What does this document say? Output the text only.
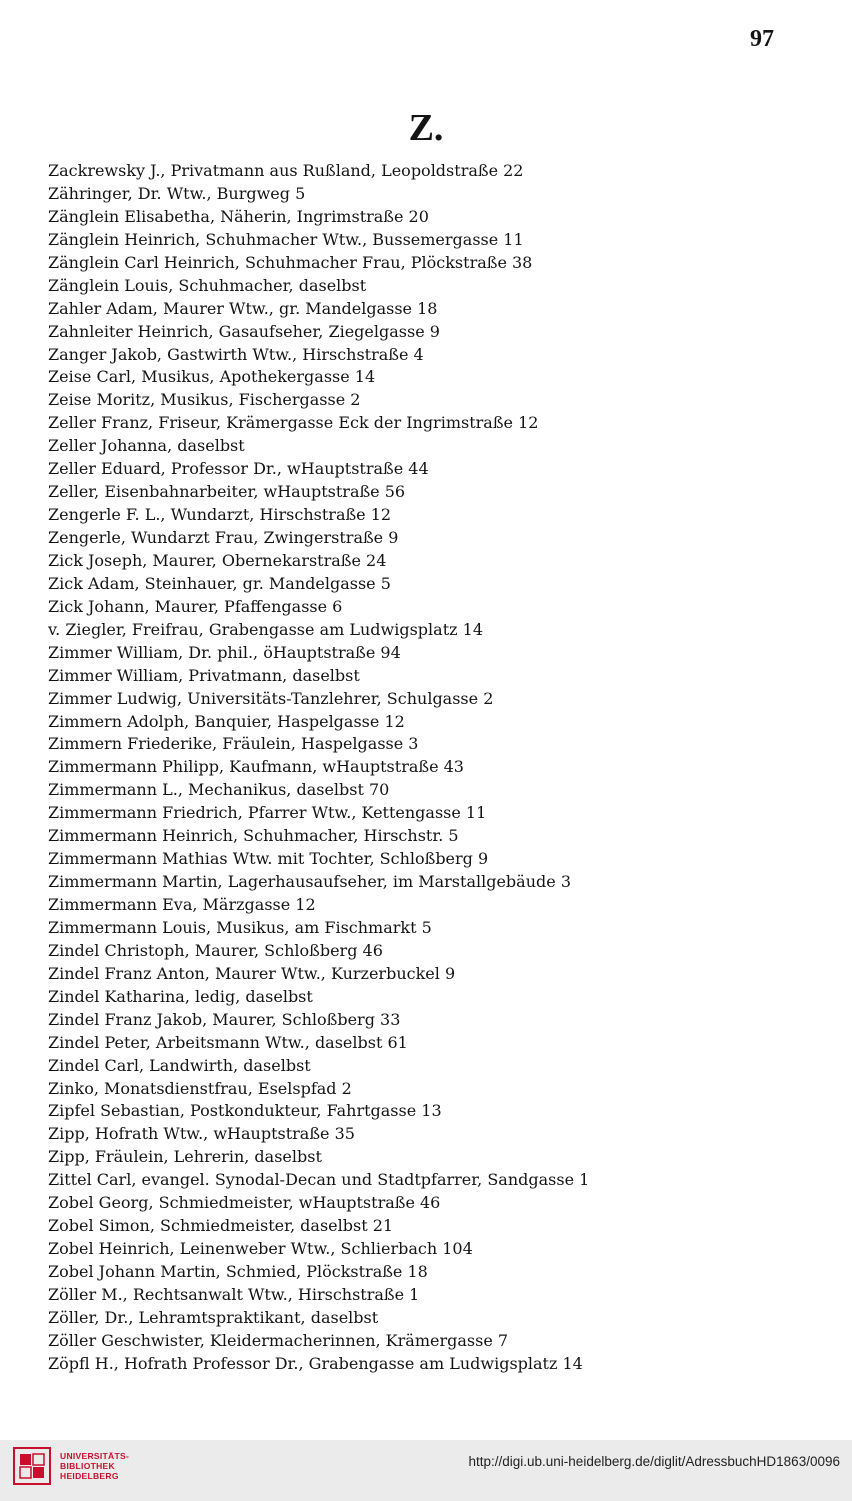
97
Z.
Zackrewsky J., Privatmann aus Rußland, Leopoldstraße 22
Zähringer, Dr. Wtw., Burgweg 5
Zänglein Elisabetha, Näherin, Ingrimstraße 20
Zänglein Heinrich, Schuhmacher Wtw., Bussemergasse 11
Zänglein Carl Heinrich, Schuhmacher Frau, Plöckstraße 38
Zänglein Louis, Schuhmacher, daselbst
Zahler Adam, Maurer Wtw., gr. Mandelgasse 18
Zahnleiter Heinrich, Gasaufseher, Ziegelgasse 9
Zanger Jakob, Gastwirth Wtw., Hirschstraße 4
Zeise Carl, Musikus, Apothekergasse 14
Zeise Moritz, Musikus, Fischergasse 2
Zeller Franz, Friseur, Krämergasse Eck der Ingrimstraße 12
Zeller Johanna, daselbst
Zeller Eduard, Professor Dr., wHauptstraße 44
Zeller, Eisenbahnarbeiter, wHauptstraße 56
Zengerle F. L., Wundarzt, Hirschstraße 12
Zengerle, Wundarzt Frau, Zwingerstraße 9
Zick Joseph, Maurer, Obernekarstraße 24
Zick Adam, Steinhauer, gr. Mandelgasse 5
Zick Johann, Maurer, Pfaffengasse 6
v. Ziegler, Freifrau, Grabengasse am Ludwigsplatz 14
Zimmer William, Dr. phil., öHauptstraße 94
Zimmer William, Privatmann, daselbst
Zimmer Ludwig, Universitäts-Tanzlehrer, Schulgasse 2
Zimmern Adolph, Banquier, Haspelgasse 12
Zimmern Friederike, Fräulein, Haspelgasse 3
Zimmermann Philipp, Kaufmann, wHauptstraße 43
Zimmermann L., Mechanikus, daselbst 70
Zimmermann Friedrich, Pfarrer Wtw., Kettengasse 11
Zimmermann Heinrich, Schuhmacher, Hirschstr. 5
Zimmermann Mathias Wtw. mit Tochter, Schloßberg 9
Zimmermann Martin, Lagerhausaufseher, im Marstallgebäude 3
Zimmermann Eva, Märzgasse 12
Zimmermann Louis, Musikus, am Fischmarkt 5
Zindel Christoph, Maurer, Schloßberg 46
Zindel Franz Anton, Maurer Wtw., Kurzerbuckel 9
Zindel Katharina, ledig, daselbst
Zindel Franz Jakob, Maurer, Schloßberg 33
Zindel Peter, Arbeitsmann Wtw., daselbst 61
Zindel Carl, Landwirth, daselbst
Zinko, Monatsdienstfrau, Eselspfad 2
Zipfel Sebastian, Postkondukteur, Fahrtgasse 13
Zipp, Hofrath Wtw., wHauptstraße 35
Zipp, Fräulein, Lehrerin, daselbst
Zittel Carl, evangel. Synodal-Decan und Stadtpfarrer, Sandgasse 1
Zobel Georg, Schmiedmeister, wHauptstraße 46
Zobel Simon, Schmiedmeister, daselbst 21
Zobel Heinrich, Leinenweber Wtw., Schlierbach 104
Zobel Johann Martin, Schmied, Plöckstraße 18
Zöller M., Rechtsanwalt Wtw., Hirschstraße 1
Zöller, Dr., Lehramtspraktikant, daselbst
Zöller Geschwister, Kleidermacherinnen, Krämergasse 7
Zöpfl H., Hofrath Professor Dr., Grabengasse am Ludwigsplatz 14
UNIVERSITÄTS-
BIBLIOTHEK
HEIDELBERG
http://digi.ub.uni-heidelberg.de/diglit/AdressbuchHD1863/0096
